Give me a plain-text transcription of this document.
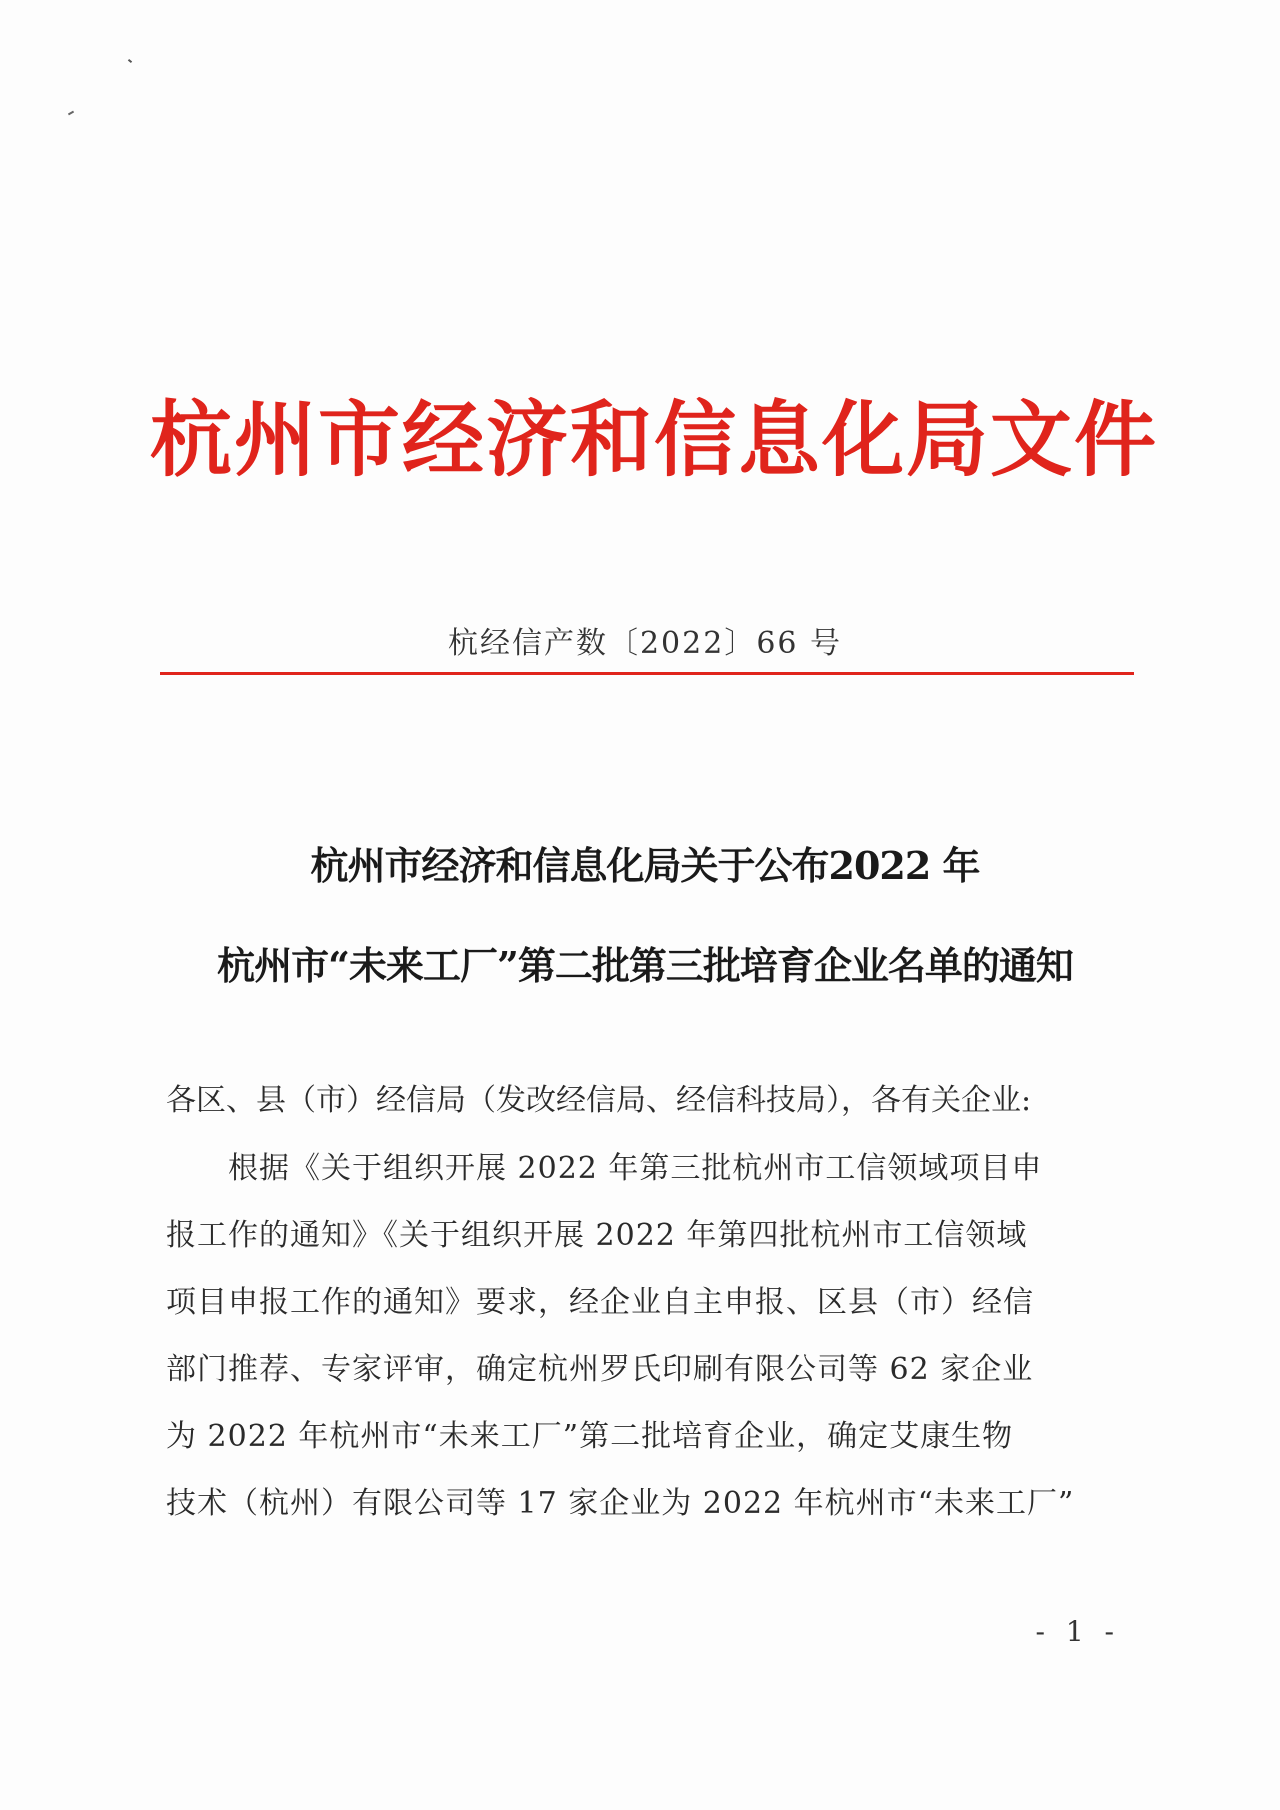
杭州市经济和信息化局文件
杭经信产数〔2022〕66 号
杭州市经济和信息化局关于公布2022 年
杭州市“未来工厂”第二批第三批培育企业名单的通知
各区、县（市）经信局（发改经信局、经信科技局），各有关企业:
　　根据《关于组织开展 2022 年第三批杭州市工信领域项目申
报工作的通知》《关于组织开展 2022 年第四批杭州市工信领域
项目申报工作的通知》要求，经企业自主申报、区县（市）经信
部门推荐、专家评审，确定杭州罗氏印刷有限公司等 62 家企业
为 2022 年杭州市“未来工厂”第二批培育企业，确定艾康生物
技术（杭州）有限公司等 17 家企业为 2022 年杭州市“未来工厂”
- 1 -
